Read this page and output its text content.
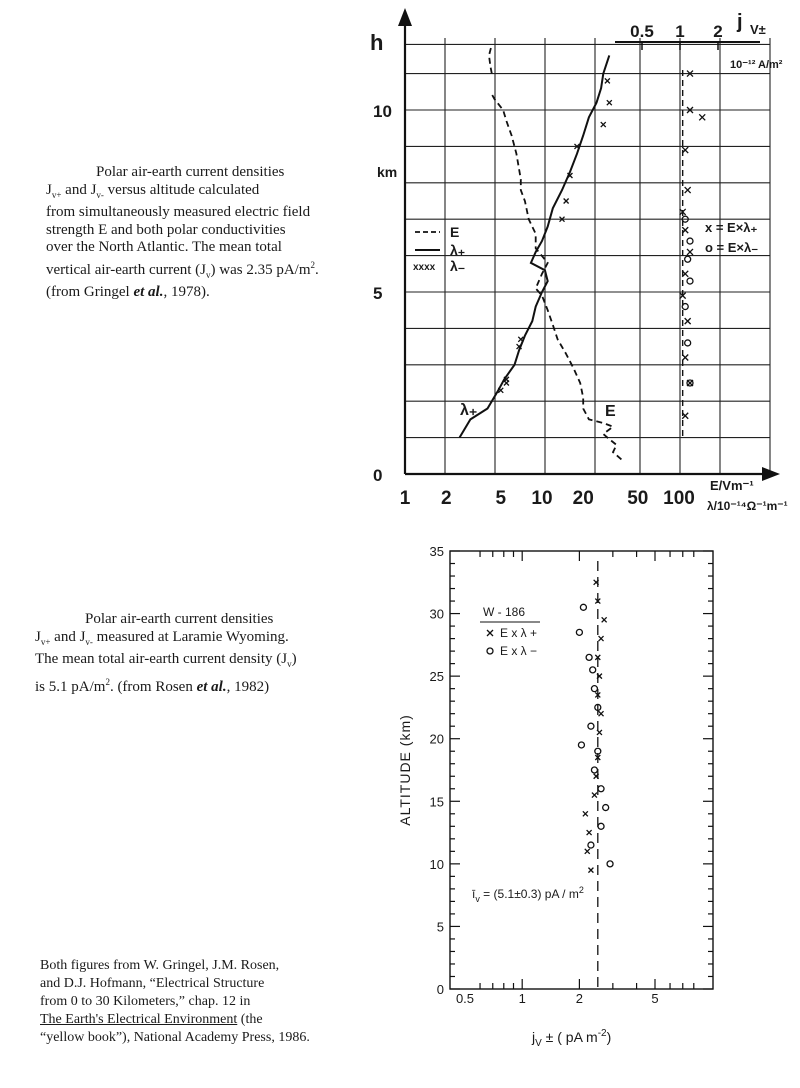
Polar air-earth current densities
$J_{v+}$ and $J_{v-}$ versus altitude calculated
from simultaneously measured electric field
strength E and both polar conductivities
over the North Atlantic. The mean total
vertical air-earth current $(J_v)$ was 2.35 $pA/m^2$.
(from Gringel et al., 1978).
Polar air-earth current densities
$J_{v+}$ and $J_{v-}$ measured at Laramie Wyoming.
The mean total air-earth current density $(J_v)$
is 5.1 $pA/m^2$. (from Rosen et al., 1982)
Both figures from W. Gringel, J.M. Rosen,
and D.J. Hofmann, “Electrical Structure
from 0 to 30 Kilometers,” chap. 12 in
The Earth's Electrical Environment (the
“yellow book”), National Academy Press, 1986.
0
5
10
h
km
1 2 5 10 20 50 100
E/Vm⁻¹
λ/10⁻¹⁴Ω⁻¹m⁻¹
0.5 1 2 j V±
10⁻¹² A/m²
E
λ₊
xxxx λ₋
λ₊	E
x = E×λ₊
o = E×λ₋
0
5
10
15
20
25
30
35
0.5	1	2	5
ALTITUDE (km)
$j_V$ ± ( pA $m^{-2}$)
W - 186
E x λ +
E x λ −
$ī_v = (5.1\pm 0.3)$ pA / $m^2$
